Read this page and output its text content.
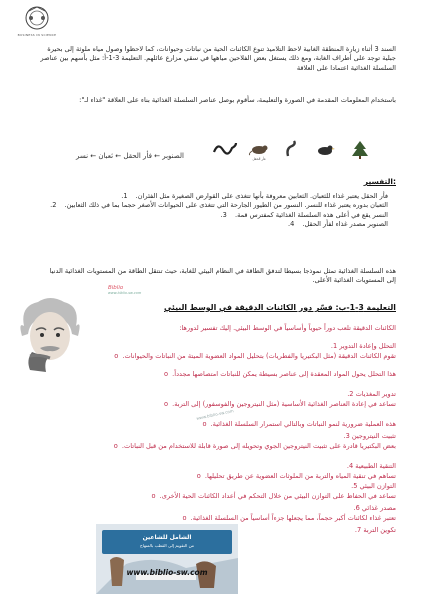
BUSINESS IN SCIENCE
السند 3 أثناء زيارة المنطقة الغابية لاحظ التلاميذ تنوع الكائنات الحية من نباتات وحيوانات، كما لاحظوا وصول مياه ملوثة إلى بحيرة جبلية توجد على أطراف الغابة، ومع ذلك يستغل بعض الفلاحين مياهها في سقي مزارع عائلهم. التعليمة 3-1-أ: مثل بأسهم بين عناصر السلسلة الغذائية اعتمادا على العلاقة
باستخدام المعلومات المقدمة في الصورة والتعليمة، سأقوم بوصل عناصر السلسلة الغذائية بناء على العلاقة "غذاء لـ":
فأر الحقل
الصنوبر ← فأر الحقل ← ثعبان ← نسر
التفسير:
فأر الحقل يعتبر غذاء للثعبان. الثعابين معروفة بأنها تتغذى على القوارض الصغيرة مثل الفئران. 1.
الثعبان بدوره يعتبر غذاء للنسر. النسور من الطيور الجارحة التي تتغذى على الحيوانات الأصغر حجما بما في ذلك الثعابين. 2.
النسر يقع في أعلى هذه السلسلة الغذائية كمفترس قمة. 3.
الصنوبر مصدر غذاء لفأر الحقل. 4.
هذه السلسلة الغذائية تمثل نموذجا بسيطا لتدفق الطاقة في النظام البيئي للغابة، حيث تنتقل الطاقة من المستويات الغذائية الدنيا إلى المستويات الغذائية الأعلى.
Biblio
www.biblio-sw.com
التعليمة 3-1-ب: فسّر دور الكائنات الدقيقة في الوسط البيئي
الكائنات الدقيقة تلعب دوراً حيوياً وأساسياً في الوسط البيئي. إليك تفسير لدورها:
التحلل وإعادة التدوير 1.
تقوم الكائنات الدقيقة (مثل البكتيريا والفطريات) بتحليل المواد العضوية الميتة من النباتات والحيوانات. o
هذا التحلل يحول المواد المعقدة إلى عناصر بسيطة يمكن للنباتات امتصاصها مجدداً. o
تدوير المغذيات 2.
تساعد في إعادة العناصر الغذائية الأساسية (مثل النيتروجين والفوسفور) إلى التربة. o
هذه العملية ضرورية لنمو النباتات وبالتالي استمرار السلسلة الغذائية. o
تثبيت النيتروجين 3.
بعض البكتيريا قادرة على تثبيت النيتروجين الجوي وتحويله إلى صورة قابلة للاستخدام من قبل النباتات. o
التنقية الطبيعية 4.
تساهم في تنقية المياه والتربة من الملوثات العضوية عن طريق تحليلها. o
التوازن البيئي 5.
تساعد في الحفاظ على التوازن البيئي من خلال التحكم في أعداد الكائنات الحية الأخرى. o
مصدر غذائي 6.
تعتبر غذاء لكائنات أكبر حجماً، مما يجعلها جزءاً أساسياً من السلسلة الغذائية. o
تكوين التربة 7.
www.biblio-sw.com
الشامل للشاعين
من التقويم إلى القطب بالمنهاج
www.biblio-sw.com
